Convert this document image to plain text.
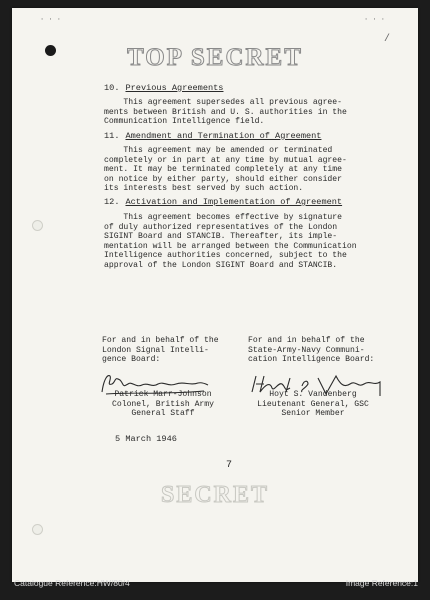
· · ·	· · ·
/
TOP SECRET
10. Previous Agreements
This agreement supersedes all previous agree-
ments between British and U. S. authorities in the
Communication Intelligence field.
11. Amendment and Termination of Agreement
This agreement may be amended or terminated
completely or in part at any time by mutual agree-
ment. It may be terminated completely at any time
on notice by either party, should either consider
its interests best served by such action.
12. Activation and Implementation of Agreement
This agreement becomes effective by signature
of duly authorized representatives of the London
SIGINT Board and STANCIB. Thereafter, its imple-
mentation will be arranged between the Communication
Intelligence authorities concerned, subject to the
approval of the London SIGINT Board and STANCIB.
For and in behalf of the
London Signal Intelli-
gence Board:
For and in behalf of the
State-Army-Navy Communi-
cation Intelligence Board:
Patrick Marr-Johnson
Colonel, British Army
General Staff
Hoyt S. Vandenberg
Lieutenant General, GSC
Senior Member
5 March 1946
7
SECRET
Catalogue Reference:HW/80/4	Image Reference:1
